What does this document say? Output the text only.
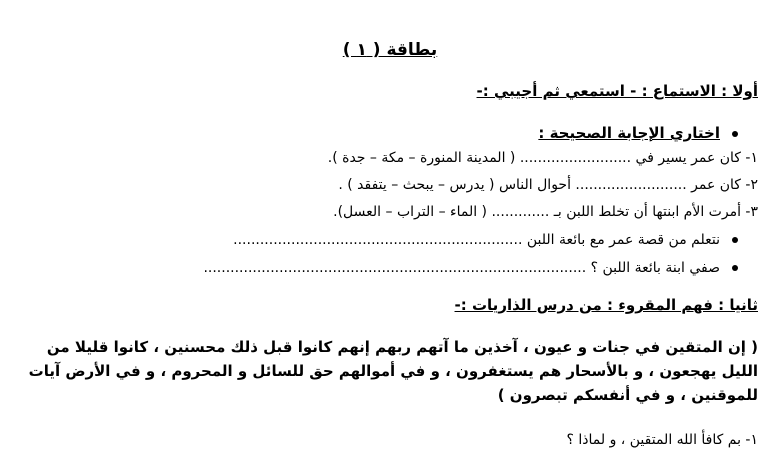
بطاقة ( ١ )
أولا : الاستماع : - استمعي ثم أجيبي :-
اختاري الإجابة الصحيحة :
١- كان عمر يسير في ......................... ( المدينة المنورة – مكة – جدة ).
٢- كان عمر ......................... أحوال الناس ( يدرس – يبحث – يتفقد ) .
٣- أمرت الأم ابنتها أن تخلط اللبن بـ ............. ( الماء – التراب – العسل).
نتعلم من قصة عمر مع بائعة اللبن .................................................................
صفي ابنة بائعة اللبن ؟ ......................................................................................
ثانيا : فهم المقروء : من درس الذاريات :-
( إن المتقين في جنات و عيون ، آخذين ما آتهم ربهم إنهم كانوا قبل ذلك محسنين ، كانوا قليلا من الليل يهجعون ، و بالأسحار هم يستغفرون ، و في أموالهم حق للسائل و المحروم ، و في الأرض آيات للموقنين ، و في أنفسكم تبصرون )
١- بم كافأ الله المتقين ، و لماذا ؟
